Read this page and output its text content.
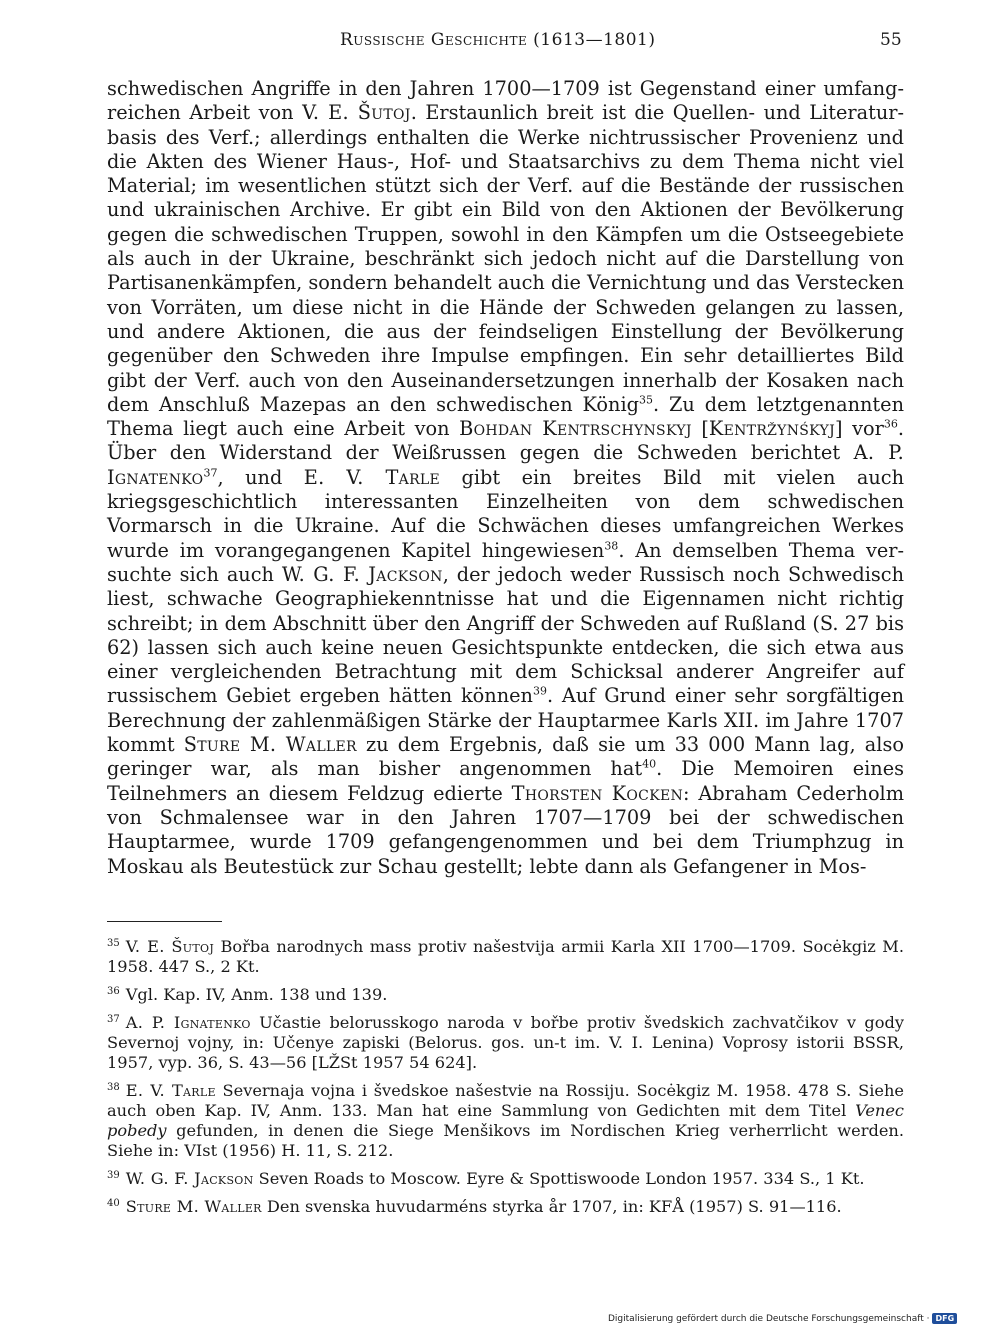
Russische Geschichte (1613—1801)	55

schwedischen Angriffe in den Jahren 1700—1709 ist Gegenstand einer umfangreichen Arbeit von V. E. Šutoj. Erstaunlich breit ist die Quellen- und Literaturbasis des Verf.; allerdings enthalten die Werke nichtrussischer Provenienz und die Akten des Wiener Haus-, Hof- und Staatsarchivs zu dem Thema nicht viel Material; im wesentlichen stützt sich der Verf. auf die Bestände der russischen und ukrainischen Archive. Er gibt ein Bild von den Aktionen der Bevölkerung gegen die schwedischen Truppen, sowohl in den Kämpfen um die Ostseegebiete als auch in der Ukraine, beschränkt sich jedoch nicht auf die Darstellung von Partisanenkämpfen, sondern behandelt auch die Vernichtung und das Verstecken von Vorräten, um diese nicht in die Hände der Schweden gelangen zu lassen, und andere Aktionen, die aus der feindseligen Einstellung der Bevölkerung gegenüber den Schweden ihre Impulse empfingen. Ein sehr detailliertes Bild gibt der Verf. auch von den Auseinandersetzungen innerhalb der Kosaken nach dem Anschluß Mazepas an den schwedischen König$^{35}$. Zu dem letztgenannten Thema liegt auch eine Arbeit von Bohdan Kentrschynskyj [Kentržynśkyj] vor$^{36}$. Über den Widerstand der Weißrussen gegen die Schweden berichtet A. P. Ignatenko$^{37}$, und E. V. Tarle gibt ein breites Bild mit vielen auch kriegsgeschichtlich interessanten Einzelheiten von dem schwedischen Vormarsch in die Ukraine. Auf die Schwächen dieses umfangreichen Werkes wurde im vorangegangenen Kapitel hingewiesen$^{38}$. An demselben Thema versuchte sich auch W. G. F. Jackson, der jedoch weder Russisch noch Schwedisch liest, schwache Geographiekenntnisse hat und die Eigennamen nicht richtig schreibt; in dem Abschnitt über den Angriff der Schweden auf Rußland (S. 27 bis 62) lassen sich auch keine neuen Gesichtspunkte entdecken, die sich etwa aus einer vergleichenden Betrachtung mit dem Schicksal anderer Angreifer auf russischem Gebiet ergeben hätten können$^{39}$. Auf Grund einer sehr sorgfältigen Berechnung der zahlenmäßigen Stärke der Hauptarmee Karls XII. im Jahre 1707 kommt Sture M. Waller zu dem Ergebnis, daß sie um 33 000 Mann lag, also geringer war, als man bisher angenommen hat$^{40}$. Die Memoiren eines Teilnehmers an diesem Feldzug edierte Thorsten Kocken: Abraham Cederholm von Schmalensee war in den Jahren 1707—1709 bei der schwedischen Hauptarmee, wurde 1709 gefangengenommen und bei dem Triumphzug in Moskau als Beutestück zur Schau gestellt; lebte dann als Gefangener in Mos-

$^{35}$ V. E. Šutoj Bořba narodnych mass protiv našestvija armii Karla XII 1700—1709. Socėkgiz M. 1958. 447 S., 2 Kt.

$^{36}$ Vgl. Kap. IV, Anm. 138 und 139.

$^{37}$ A. P. Ignatenko Učastie belorusskogo naroda v bořbe protiv švedskich zachvatčikov v gody Severnoj vojny, in: Učenye zapiski (Belorus. gos. un-t im. V. I. Lenina) Voprosy istorii BSSR, 1957, vyp. 36, S. 43—56 [LŽSt 1957 54 624].

$^{38}$ E. V. Tarle Severnaja vojna i švedskoe našestvie na Rossiju. Socėkgiz M. 1958. 478 S. Siehe auch oben Kap. IV, Anm. 133. Man hat eine Sammlung von Gedichten mit dem Titel Venec pobedy gefunden, in denen die Siege Menšikovs im Nordischen Krieg verherrlicht werden. Siehe in: VIst (1956) H. 11, S. 212.

$^{39}$ W. G. F. Jackson Seven Roads to Moscow. Eyre & Spottiswoode London 1957. 334 S., 1 Kt.

$^{40}$ Sture M. Waller Den svenska huvudarméns styrka år 1707, in: KFÅ (1957) S. 91—116.

Digitalisierung gefördert durch die Deutsche Forschungsgemeinschaft · DFG
